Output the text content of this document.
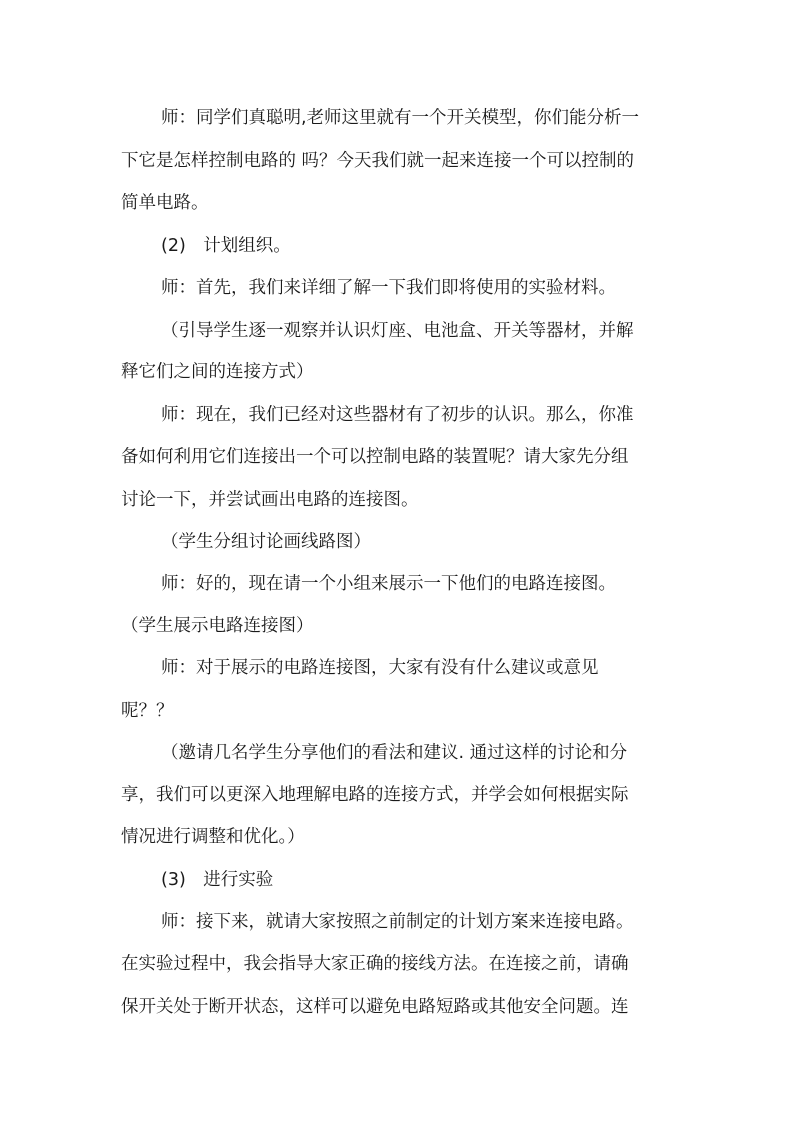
师：同学们真聪明,老师这里就有一个开关模型，你们能分析一
下它是怎样控制电路的 吗？今天我们就一起来连接一个可以控制的
简单电路。
(2)　计划组织。
师：首先，我们来详细了解一下我们即将使用的实验材料。
（引导学生逐一观察并认识灯座、电池盒、开关等器材，并解
释它们之间的连接方式）
师：现在，我们已经对这些器材有了初步的认识。那么，你准
备如何利用它们连接出一个可以控制电路的装置呢？请大家先分组
讨论一下，并尝试画出电路的连接图。
（学生分组讨论画线路图）
师：好的，现在请一个小组来展示一下他们的电路连接图。
（学生展示电路连接图）
师：对于展示的电路连接图，大家有没有什么建议或意见
呢？？
（邀请几名学生分享他们的看法和建议. 通过这样的讨论和分
享，我们可以更深入地理解电路的连接方式，并学会如何根据实际
情况进行调整和优化。）
(3)　进行实验
师：接下来，就请大家按照之前制定的计划方案来连接电路。
在实验过程中，我会指导大家正确的接线方法。在连接之前，请确
保开关处于断开状态，这样可以避免电路短路或其他安全问题。连
